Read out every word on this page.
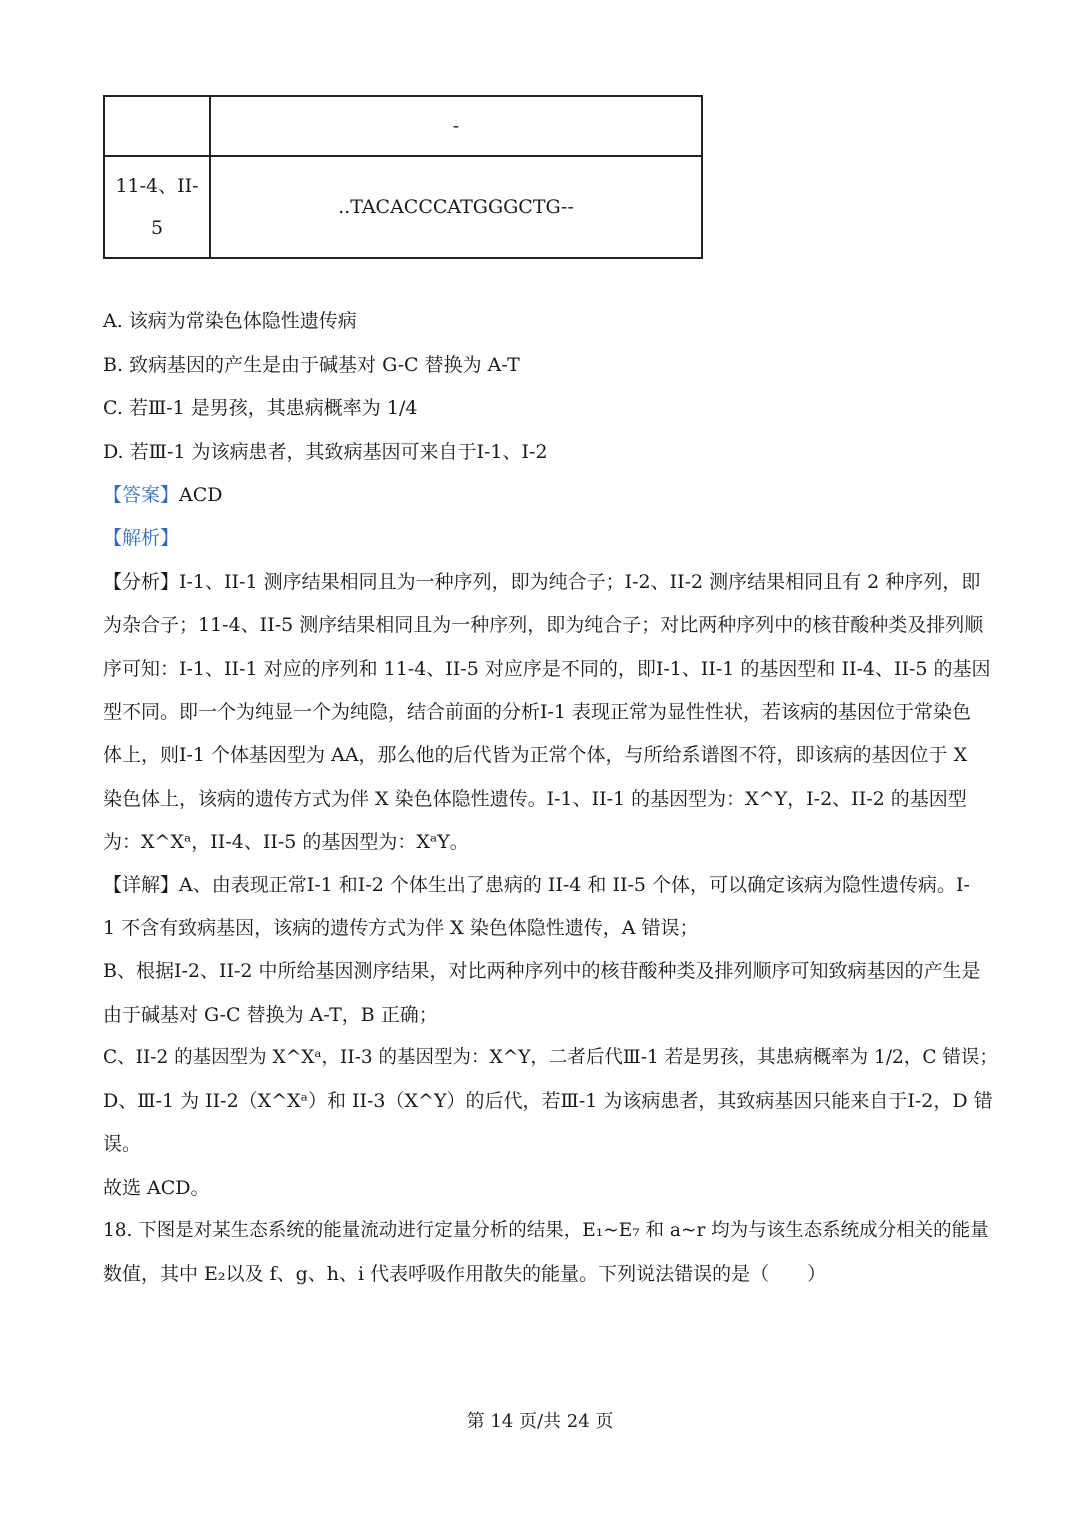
	-

11-4、II-
5	..TACACCCATGGGCTG--
A. 该病为常染色体隐性遗传病
B. 致病基因的产生是由于碱基对 G-C 替换为 A-T
C. 若Ⅲ-1 是男孩，其患病概率为 1/4
D. 若Ⅲ-1 为该病患者，其致病基因可来自于Ⅰ-1、Ⅰ-2
【答案】ACD
【解析】
【分析】Ⅰ-1、II-1 测序结果相同且为一种序列，即为纯合子；Ⅰ-2、II-2 测序结果相同且有 2 种序列，即
为杂合子；11-4、II-5 测序结果相同且为一种序列，即为纯合子；对比两种序列中的核苷酸种类及排列顺
序可知：Ⅰ-1、II-1 对应的序列和 11-4、II-5 对应序是不同的，即Ⅰ-1、II-1 的基因型和 II-4、II-5 的基因
型不同。即一个为纯显一个为纯隐，结合前面的分析Ⅰ-1 表现正常为显性性状，若该病的基因位于常染色
体上，则Ⅰ-1 个体基因型为 AA，那么他的后代皆为正常个体，与所给系谱图不符，即该病的基因位于 X
染色体上，该病的遗传方式为伴 X 染色体隐性遗传。Ⅰ-1、II-1 的基因型为：X^Y，Ⅰ-2、II-2 的基因型
为：X^Xᵃ，II-4、II-5 的基因型为：XᵃY。
【详解】A、由表现正常Ⅰ-1 和Ⅰ-2 个体生出了患病的 II-4 和 II-5 个体，可以确定该病为隐性遗传病。Ⅰ-
1 不含有致病基因，该病的遗传方式为伴 X 染色体隐性遗传，A 错误；
B、根据Ⅰ-2、II-2 中所给基因测序结果，对比两种序列中的核苷酸种类及排列顺序可知致病基因的产生是
由于碱基对 G-C 替换为 A-T，B 正确；
C、II-2 的基因型为 X^Xᵃ，II-3 的基因型为：X^Y，二者后代Ⅲ-1 若是男孩，其患病概率为 1/2，C 错误；
D、Ⅲ-1 为 II-2（X^Xᵃ）和 II-3（X^Y）的后代，若Ⅲ-1 为该病患者，其致病基因只能来自于Ⅰ-2，D 错
误。
故选 ACD。
18. 下图是对某生态系统的能量流动进行定量分析的结果，E₁~E₇ 和 a~r 均为与该生态系统成分相关的能量
数值，其中 E₂以及 f、g、h、i 代表呼吸作用散失的能量。下列说法错误的是（　　）
第 14 页/共 24 页
